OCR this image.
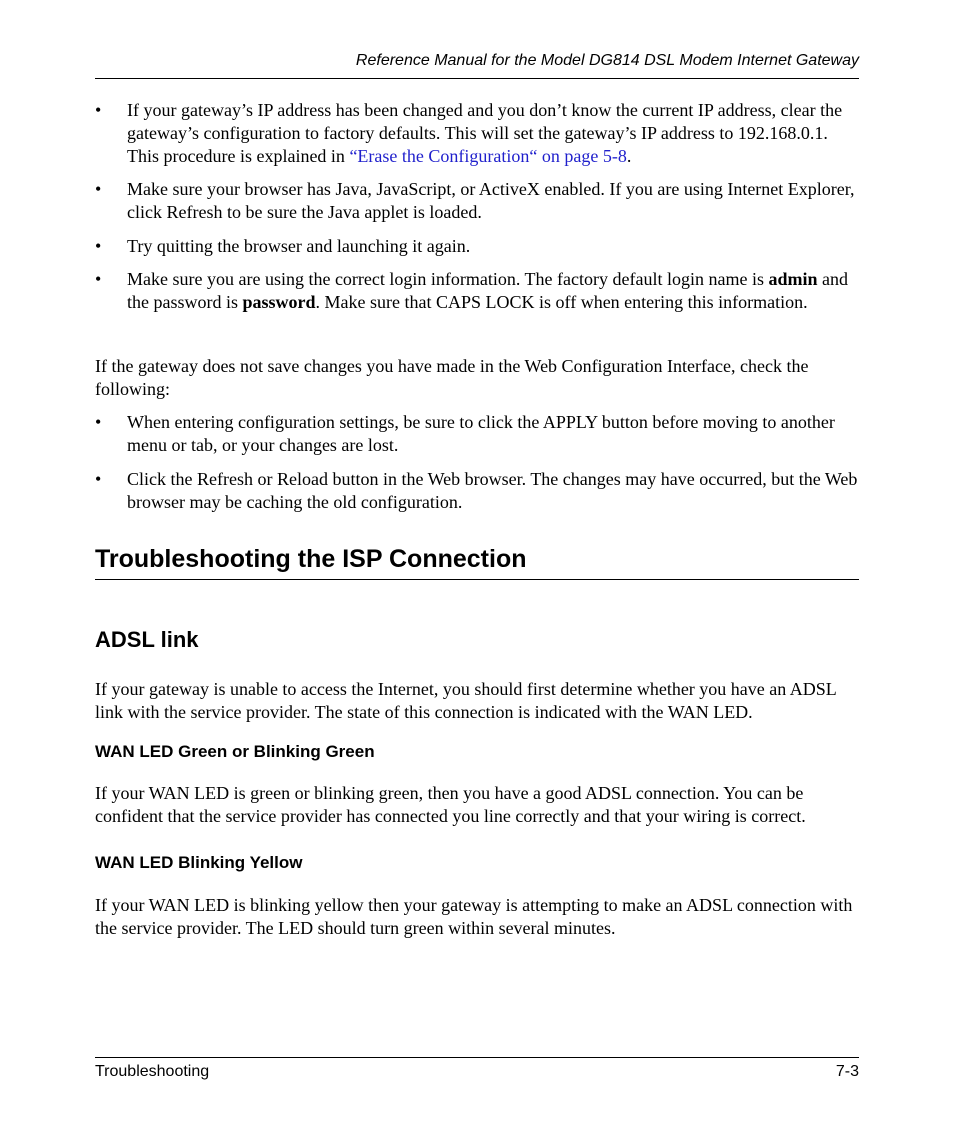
Reference Manual for the Model DG814 DSL Modem Internet Gateway
• If your gateway’s IP address has been changed and you don’t know the current IP address, clear the gateway’s configuration to factory defaults. This will set the gateway’s IP address to 192.168.0.1. This procedure is explained in “Erase the Configuration“ on page 5-8.
• Make sure your browser has Java, JavaScript, or ActiveX enabled. If you are using Internet Explorer, click Refresh to be sure the Java applet is loaded.
• Try quitting the browser and launching it again.
• Make sure you are using the correct login information. The factory default login name is admin and the password is password. Make sure that CAPS LOCK is off when entering this information.
If the gateway does not save changes you have made in the Web Configuration Interface, check the following:
• When entering configuration settings, be sure to click the APPLY button before moving to another menu or tab, or your changes are lost.
• Click the Refresh or Reload button in the Web browser. The changes may have occurred, but the Web browser may be caching the old configuration.
Troubleshooting the ISP Connection
ADSL link
If your gateway is unable to access the Internet, you should first determine whether you have an ADSL link with the service provider. The state of this connection is indicated with the WAN LED.
WAN LED Green or Blinking Green
If your WAN LED is green or blinking green, then you have a good ADSL connection. You can be confident that the service provider has connected you line correctly and that your wiring is correct.
WAN LED Blinking Yellow
If your WAN LED is blinking yellow then your gateway is attempting to make an ADSL connection with the service provider. The LED should turn green within several minutes.
Troubleshooting	7-3
